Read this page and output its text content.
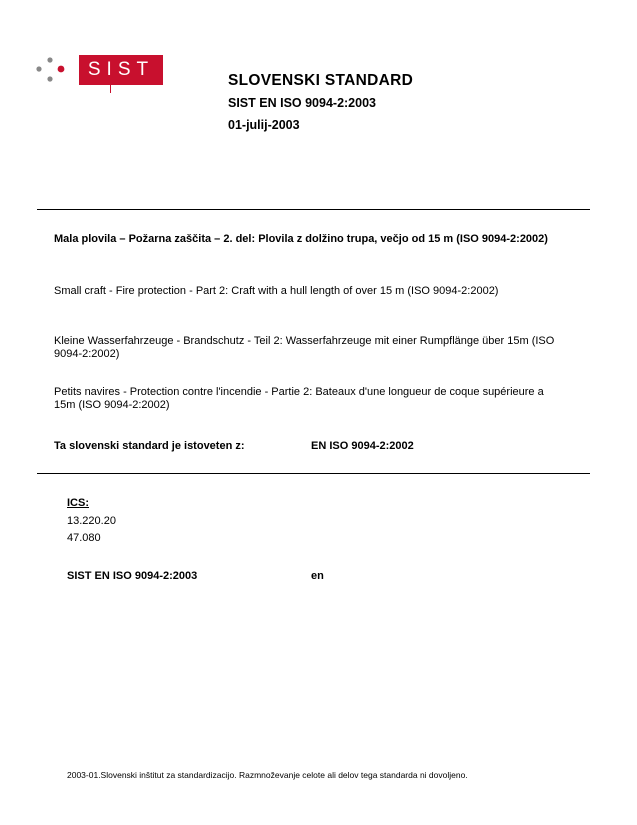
SIST
SLOVENSKI STANDARD
SIST EN ISO 9094-2:2003
01-julij-2003
Mala plovila – Požarna zaščita – 2. del: Plovila z dolžino trupa, večjo od 15 m (ISO 9094-2:2002)
Small craft - Fire protection - Part 2: Craft with a hull length of over 15 m (ISO 9094-2:2002)
Kleine Wasserfahrzeuge - Brandschutz - Teil 2: Wasserfahrzeuge mit einer Rumpflänge über 15m (ISO 9094-2:2002)
Petits navires - Protection contre l'incendie - Partie 2: Bateaux d'une longueur de coque supérieure a 15m (ISO 9094-2:2002)
Ta slovenski standard je istoveten z:	EN ISO 9094-2:2002
ICS:
13.220.20
47.080
SIST EN ISO 9094-2:2003	en
2003-01.Slovenski inštitut za standardizacijo. Razmnoževanje celote ali delov tega standarda ni dovoljeno.
